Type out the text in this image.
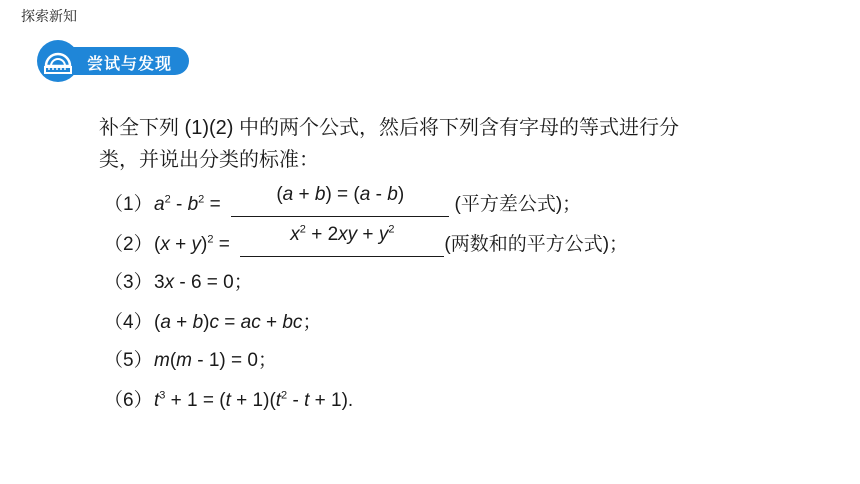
探索新知
尝试与发现

补全下列 (1)(2) 中的两个公式，然后将下列含有字母的等式进行分

类，并说出分类的标准：

$(1)a^2 - b^2 = (a + b) = (a - b)$	(平方差公式)；
$(2)(x + y)^2$ =	$x^2 + 2xy + y^2$(两数和的平方公式)；
（3）3x - 6 = 0；
（4）(a + b)c = ac + bc；
（5）m(m - 1) = 0；
$(6)t^3 + 1 = (t + 1)(t^2 - t + 1)$.
